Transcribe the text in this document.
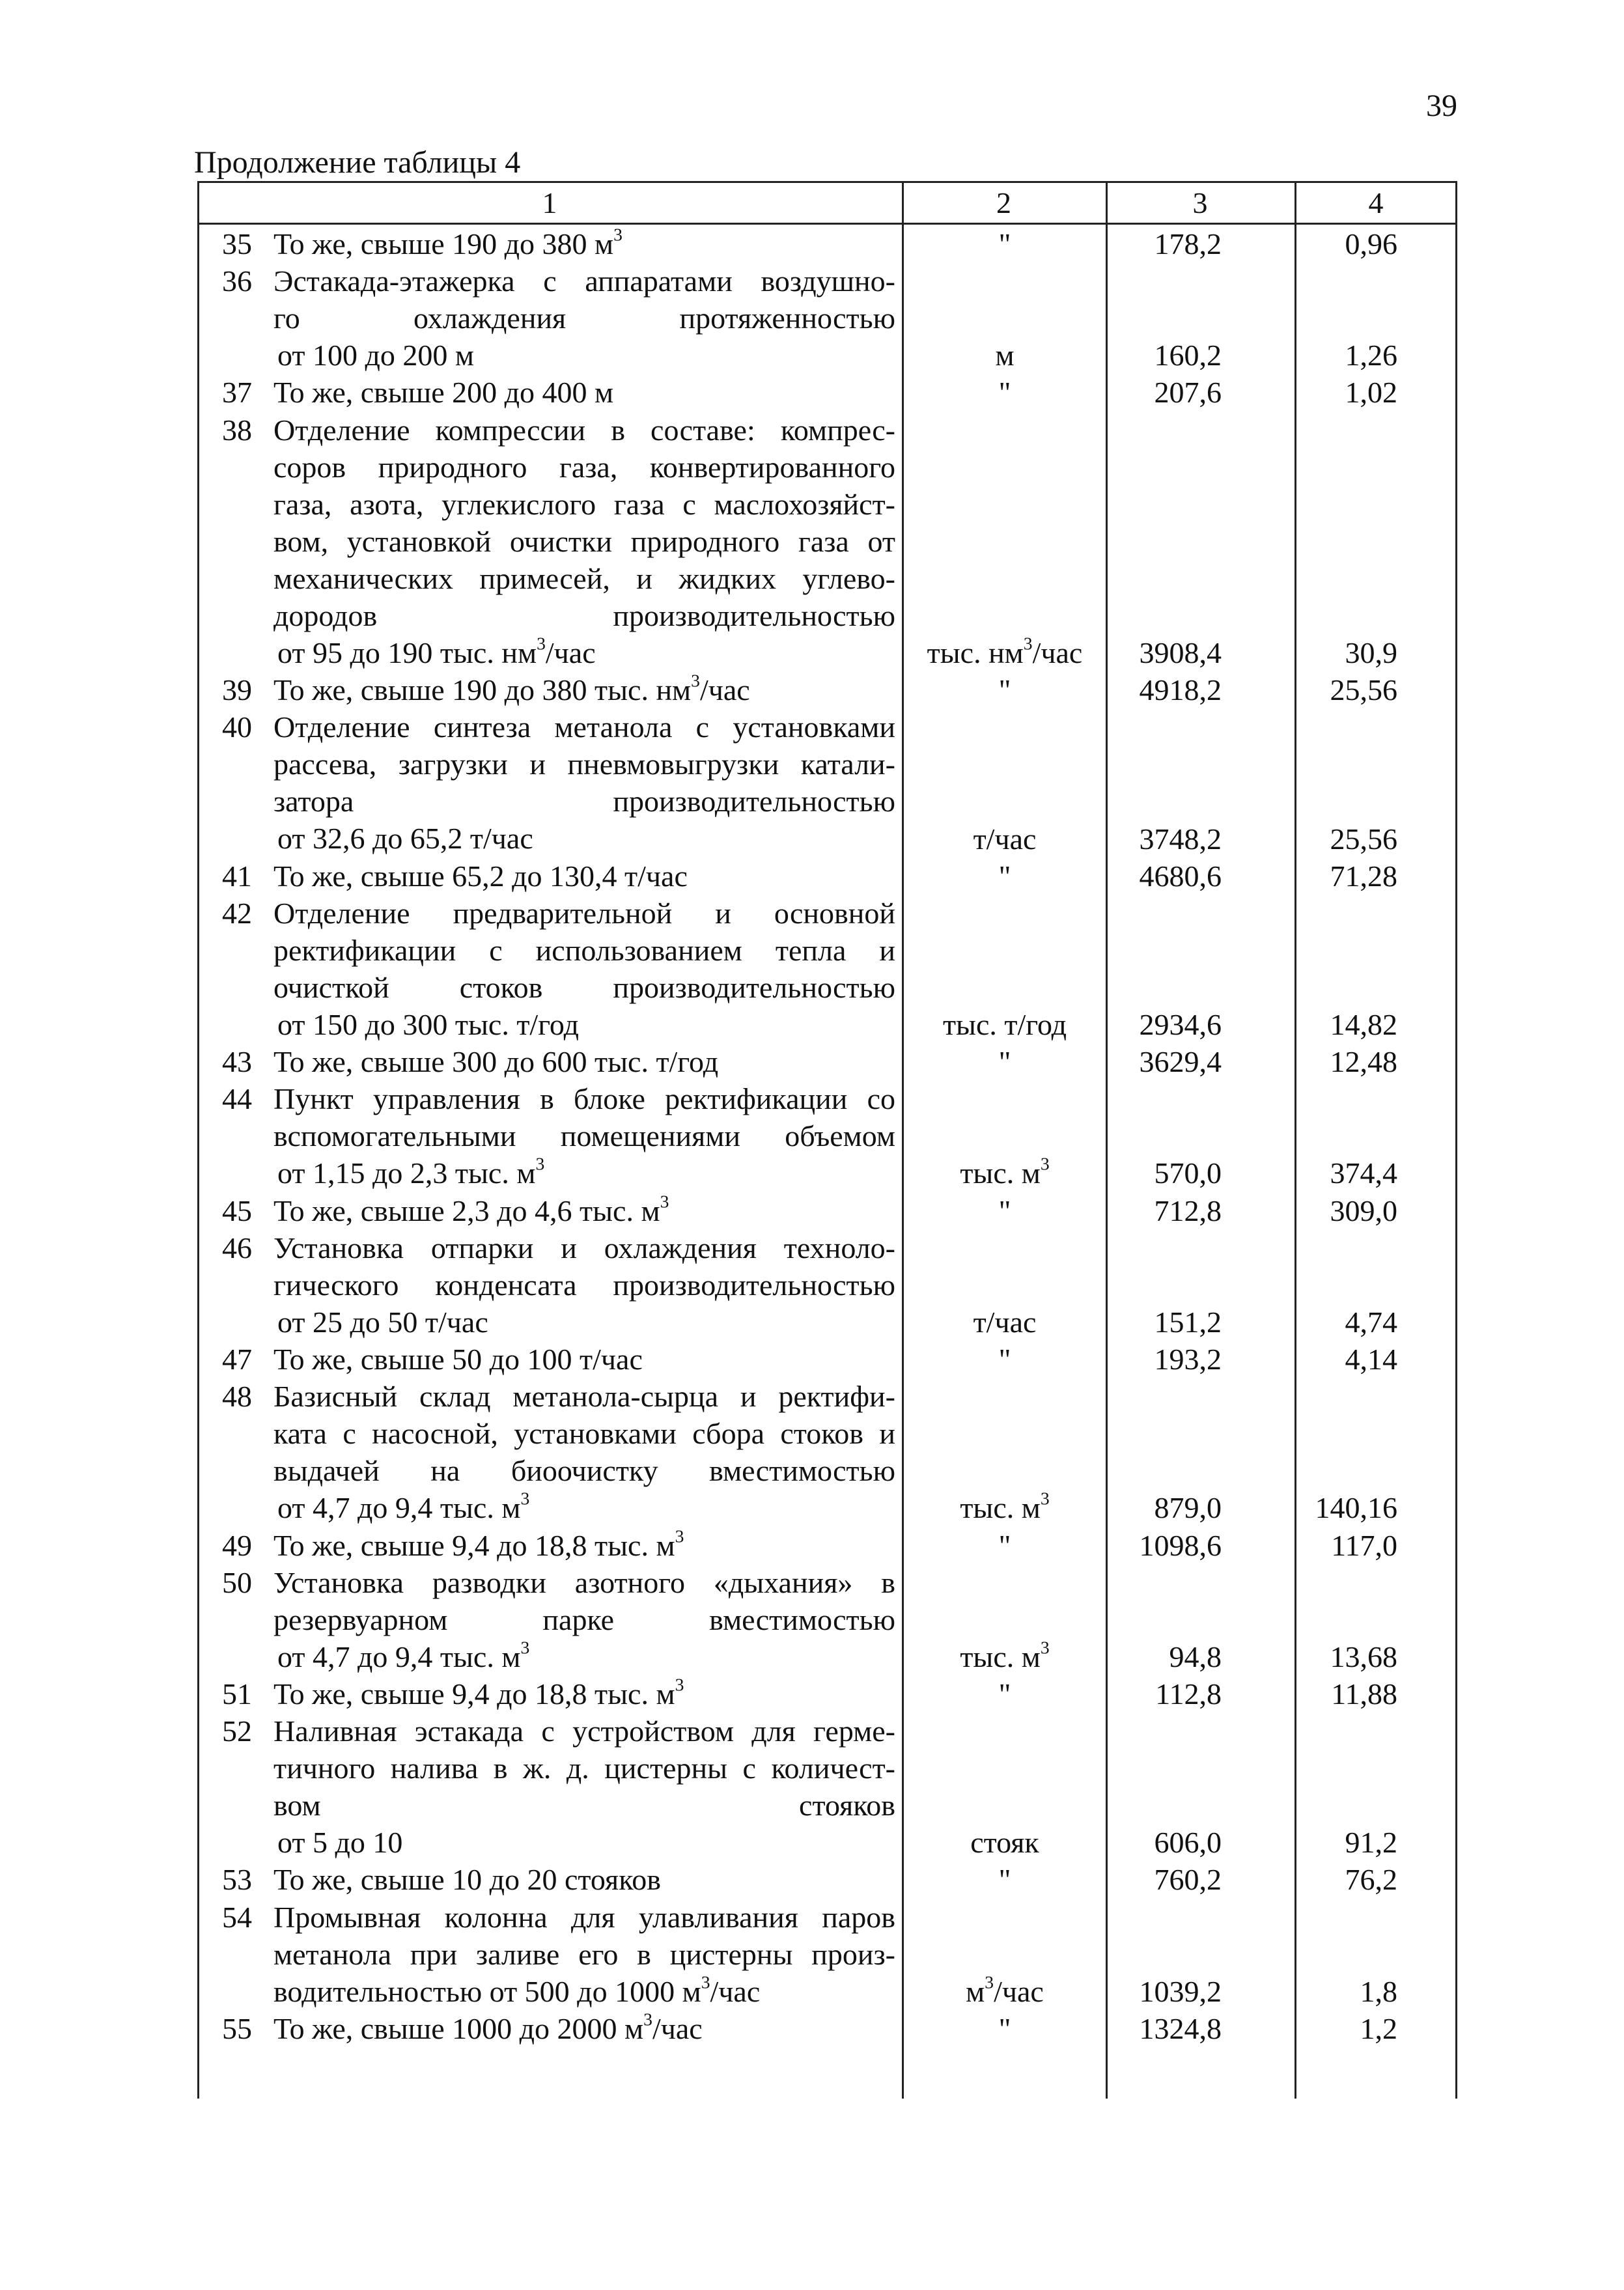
39
Продолжение таблицы 4
1	2	3	4
35 То же, свыше 190 до 380 $м^3$	"	178,2	0,96
36 Эстакада-этажерка с аппаратами воздушно-
го охлаждения протяженностью
от 100 до 200 м	м	160,2	1,26
37 То же, свыше 200 до 400 м	"	207,6	1,02
38 Отделение компрессии в составе: компрес-
соров природного газа, конвертированного
газа, азота, углекислого газа с маслохозяйст-
вом, установкой очистки природного газа от
механических примесей, и жидких углево-
дородов производительностью
от 95 до 190 тыс. $нм^3$/час	тыс. $нм^3$/час	3908,4	30,9
39 То же, свыше 190 до 380 тыс. $нм^3$/час	"	4918,2	25,56
40 Отделение синтеза метанола с установками
рассева, загрузки и пневмовыгрузки катали-
затора производительностью
от 32,6 до 65,2 т/час	т/час	3748,2	25,56
41 То же, свыше 65,2 до 130,4 т/час	"	4680,6	71,28
42 Отделение предварительной и основной
ректификации с использованием тепла и
очисткой стоков производительностью
от 150 до 300 тыс. т/год	тыс. т/год	2934,6	14,82
43 То же, свыше 300 до 600 тыс. т/год	"	3629,4	12,48
44 Пункт управления в блоке ректификации со
вспомогательными помещениями объемом
от 1,15 до 2,3 тыс. $м^3$	тыс. $м^3$	570,0	374,4
45 То же, свыше 2,3 до 4,6 тыс. $м^3$	"	712,8	309,0
46 Установка отпарки и охлаждения техноло-
гического конденсата производительностью
от 25 до 50 т/час	т/час	151,2	4,74
47 То же, свыше 50 до 100 т/час	"	193,2	4,14
48 Базисный склад метанола-сырца и ректифи-
ката с насосной, установками сбора стоков и
выдачей на биоочистку вместимостью
от 4,7 до 9,4 тыс. $м^3$	тыс. $м^3$	879,0	140,16
49 То же, свыше 9,4 до 18,8 тыс. $м^3$	"	1098,6	117,0
50 Установка разводки азотного «дыхания» в
резервуарном парке вместимостью
от 4,7 до 9,4 тыс. $м^3$	тыс. $м^3$	94,8	13,68
51 То же, свыше 9,4 до 18,8 тыс. $м^3$	"	112,8	11,88
52 Наливная эстакада с устройством для герме-
тичного налива в ж. д. цистерны с количест-
вом стояков
от 5 до 10	стояк	606,0	91,2
53 То же, свыше 10 до 20 стояков	"	760,2	76,2
54 Промывная колонна для улавливания паров
метанола при заливе его в цистерны произ-
водительностью от 500 до 1000 $м^3$/час	$м^3$/час	1039,2	1,8
55 То же, свыше 1000 до 2000 $м^3$/час	"	1324,8	1,2
